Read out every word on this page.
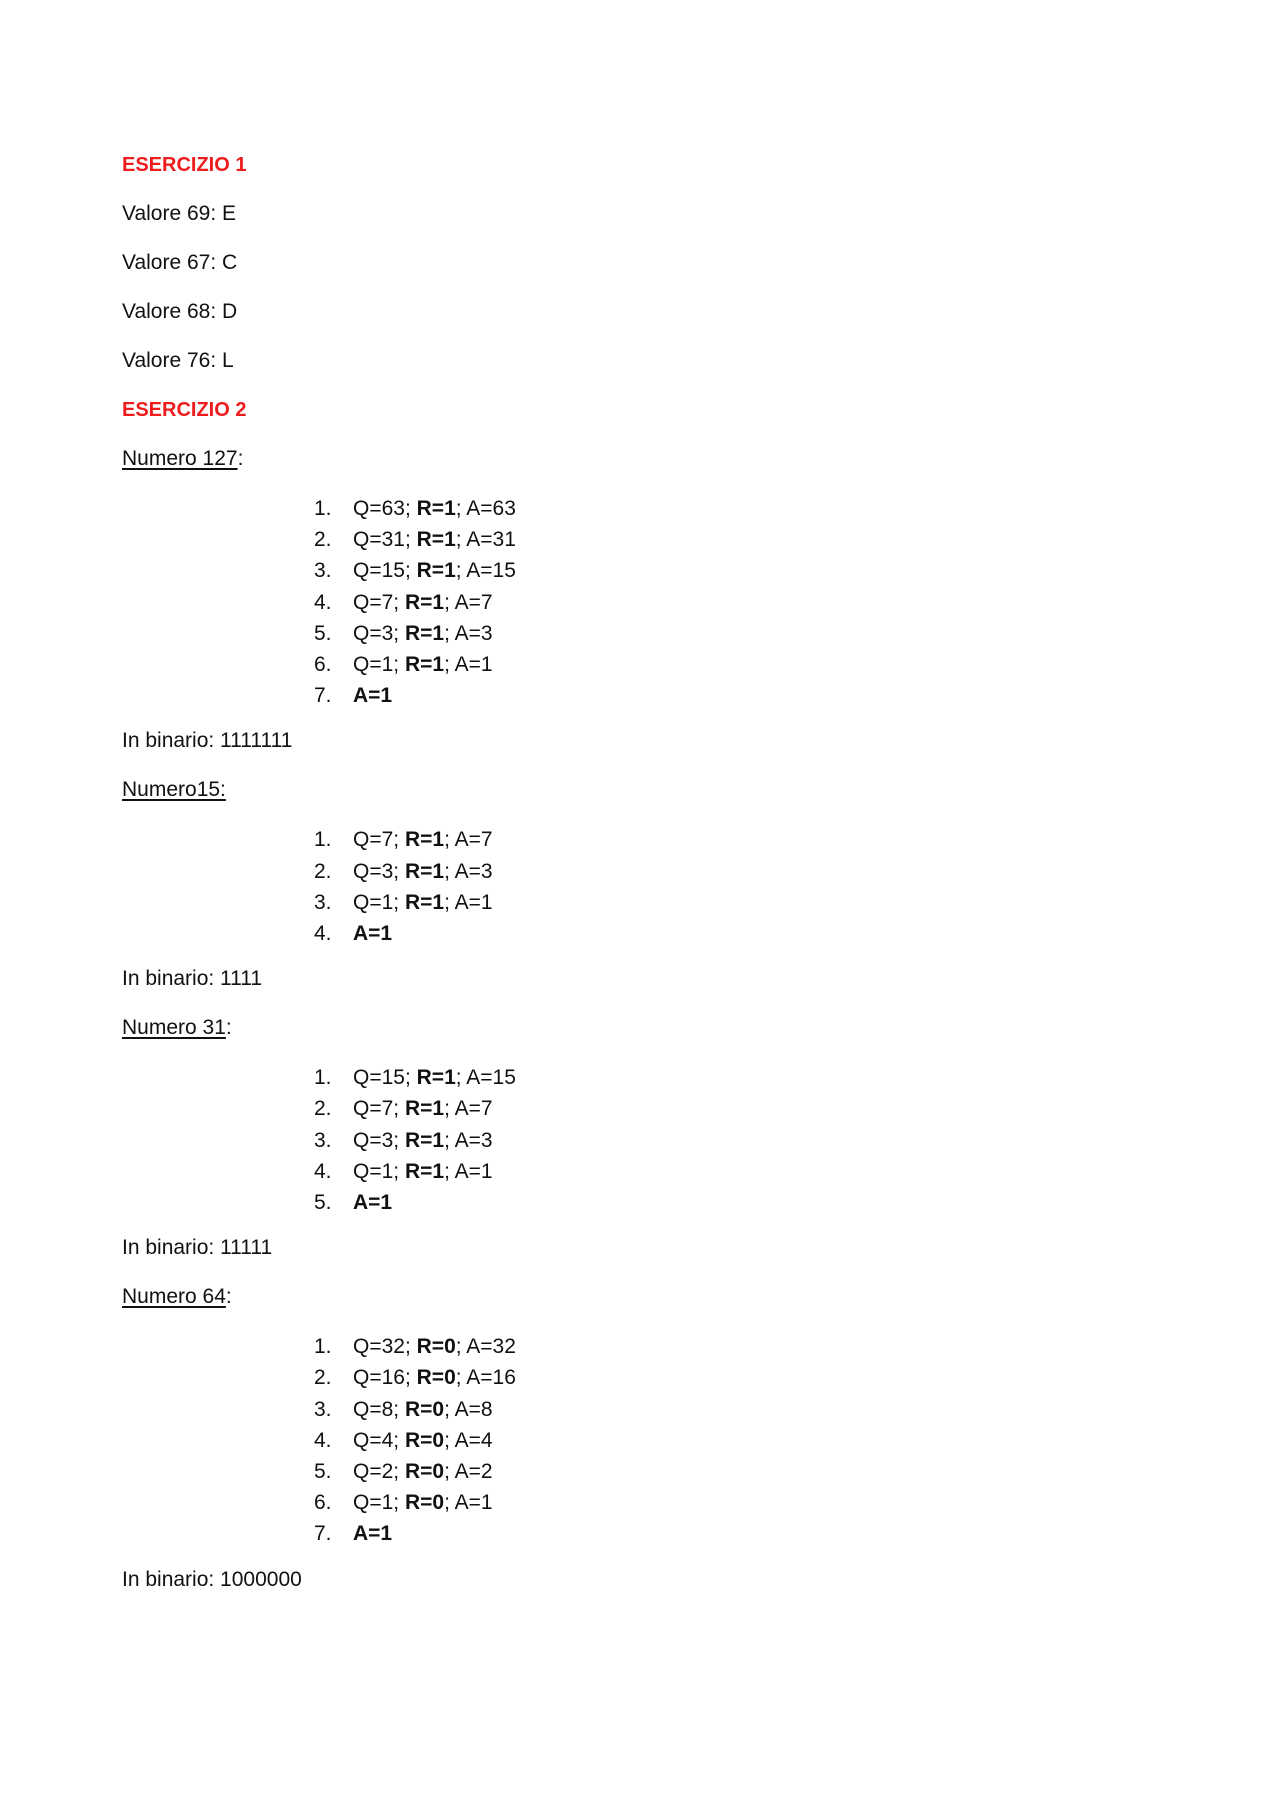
ESERCIZIO 1
Valore 69: E
Valore 67: C
Valore 68: D
Valore 76: L
ESERCIZIO 2
Numero 127:
1.	Q=63; R=1; A=63
2.	Q=31; R=1; A=31
3.	Q=15; R=1; A=15
4.	Q=7; R=1; A=7
5.	Q=3; R=1; A=3
6.	Q=1; R=1; A=1
7.	A=1
In binario: 1111111
Numero15:
1.	Q=7; R=1; A=7
2.	Q=3; R=1; A=3
3.	Q=1; R=1; A=1
4.	A=1
In binario: 1111
Numero 31:
1.	Q=15; R=1; A=15
2.	Q=7; R=1; A=7
3.	Q=3; R=1; A=3
4.	Q=1; R=1; A=1
5.	A=1
In binario: 11111
Numero 64:
1.	Q=32; R=0; A=32
2.	Q=16; R=0; A=16
3.	Q=8; R=0; A=8
4.	Q=4; R=0; A=4
5.	Q=2; R=0; A=2
6.	Q=1; R=0; A=1
7.	A=1
In binario: 1000000
